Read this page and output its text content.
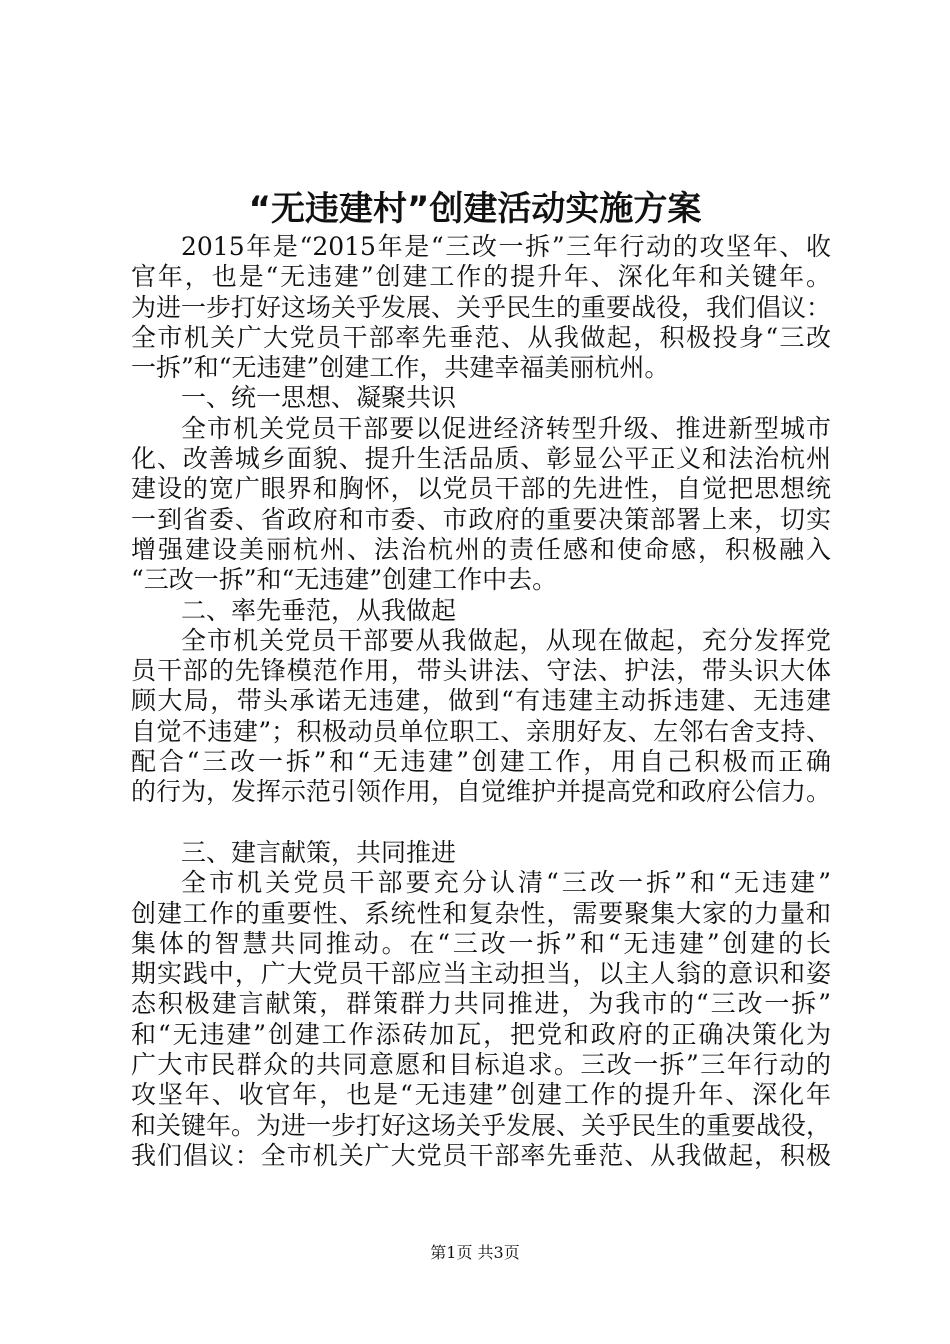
“无违建村”创建活动实施方案
2015年是“2015年是“三改一拆”三年行动的攻坚年、收
官年，也是“无违建”创建工作的提升年、深化年和关键年。
为进一步打好这场关乎发展、关乎民生的重要战役，我们倡议：
全市机关广大党员干部率先垂范、从我做起，积极投身“三改
一拆”和“无违建”创建工作，共建幸福美丽杭州。
一、统一思想、凝聚共识
全市机关党员干部要以促进经济转型升级、推进新型城市
化、改善城乡面貌、提升生活品质、彰显公平正义和法治杭州
建设的宽广眼界和胸怀，以党员干部的先进性，自觉把思想统
一到省委、省政府和市委、市政府的重要决策部署上来，切实
增强建设美丽杭州、法治杭州的责任感和使命感，积极融入
“三改一拆”和“无违建”创建工作中去。
二、率先垂范，从我做起
全市机关党员干部要从我做起，从现在做起，充分发挥党
员干部的先锋模范作用，带头讲法、守法、护法，带头识大体
顾大局，带头承诺无违建，做到“有违建主动拆违建、无违建
自觉不违建”；积极动员单位职工、亲朋好友、左邻右舍支持、
配合“三改一拆”和“无违建”创建工作，用自己积极而正确
的行为，发挥示范引领作用，自觉维护并提高党和政府公信力。
三、建言献策，共同推进
全市机关党员干部要充分认清“三改一拆”和“无违建”
创建工作的重要性、系统性和复杂性，需要聚集大家的力量和
集体的智慧共同推动。在“三改一拆”和“无违建”创建的长
期实践中，广大党员干部应当主动担当，以主人翁的意识和姿
态积极建言献策，群策群力共同推进，为我市的“三改一拆”
和“无违建”创建工作添砖加瓦，把党和政府的正确决策化为
广大市民群众的共同意愿和目标追求。三改一拆”三年行动的
攻坚年、收官年，也是“无违建”创建工作的提升年、深化年
和关键年。为进一步打好这场关乎发展、关乎民生的重要战役，
我们倡议：全市机关广大党员干部率先垂范、从我做起，积极
第1页 共3页
